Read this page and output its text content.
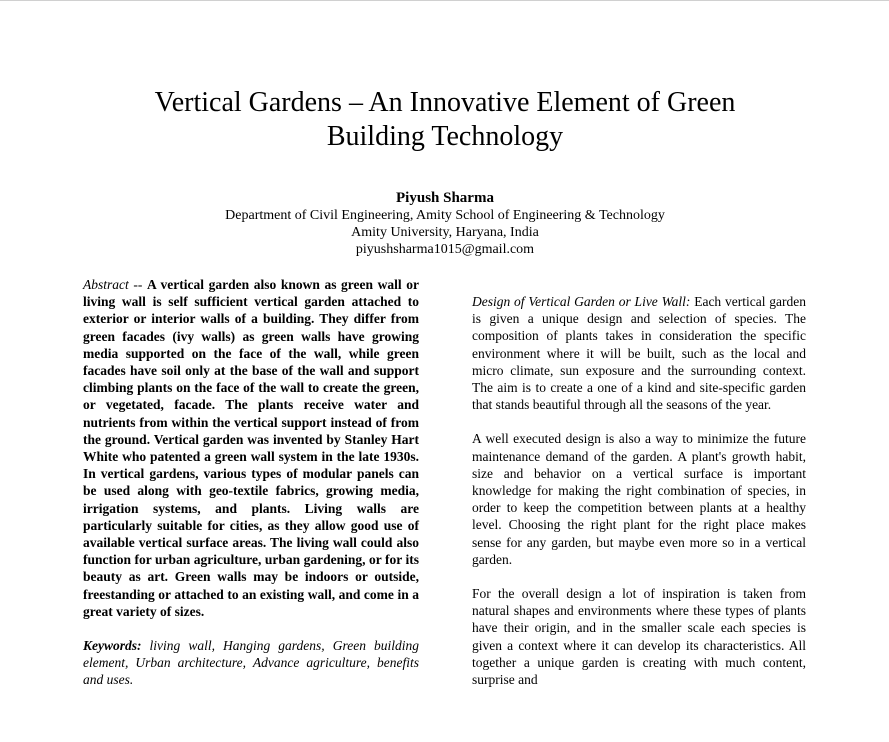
Vertical Gardens – An Innovative Element of Green
Building Technology
Piyush Sharma
Department of Civil Engineering, Amity School of Engineering & Technology
Amity University, Haryana, India
piyushsharma1015@gmail.com

Abstract -- A vertical garden also known as green wall or living wall is self sufficient vertical garden attached to exterior or interior walls of a building. They differ from green facades (ivy walls) as green walls have growing media supported on the face of the wall, while green facades have soil only at the base of the wall and support climbing plants on the face of the wall to create the green, or vegetated, facade. The plants receive water and nutrients from within the vertical support instead of from the ground. Vertical garden was invented by Stanley Hart White who patented a green wall system in the late 1930s. In vertical gardens, various types of modular panels can be used along with geo-textile fabrics, growing media, irrigation systems, and plants. Living walls are particularly suitable for cities, as they allow good use of available vertical surface areas. The living wall could also function for urban agriculture, urban gardening, or for its beauty as art. Green walls may be indoors or outside, freestanding or attached to an existing wall, and come in a great variety of sizes.

Keywords: living wall, Hanging gardens, Green building element, Urban architecture, Advance agriculture, benefits and uses.

Design of Vertical Garden or Live Wall: Each vertical garden is given a unique design and selection of species. The composition of plants takes in consideration the specific environment where it will be built, such as the local and micro climate, sun exposure and the surrounding context. The aim is to create a one of a kind and site-specific garden that stands beautiful through all the seasons of the year.

A well executed design is also a way to minimize the future maintenance demand of the garden. A plant's growth habit, size and behavior on a vertical surface is important knowledge for making the right combination of species, in order to keep the competition between plants at a healthy level. Choosing the right plant for the right place makes sense for any garden, but maybe even more so in a vertical garden.

For the overall design a lot of inspiration is taken from natural shapes and environments where these types of plants have their origin, and in the smaller scale each species is given a context where it can develop its characteristics. All together a unique garden is creating with much content, surprise and
